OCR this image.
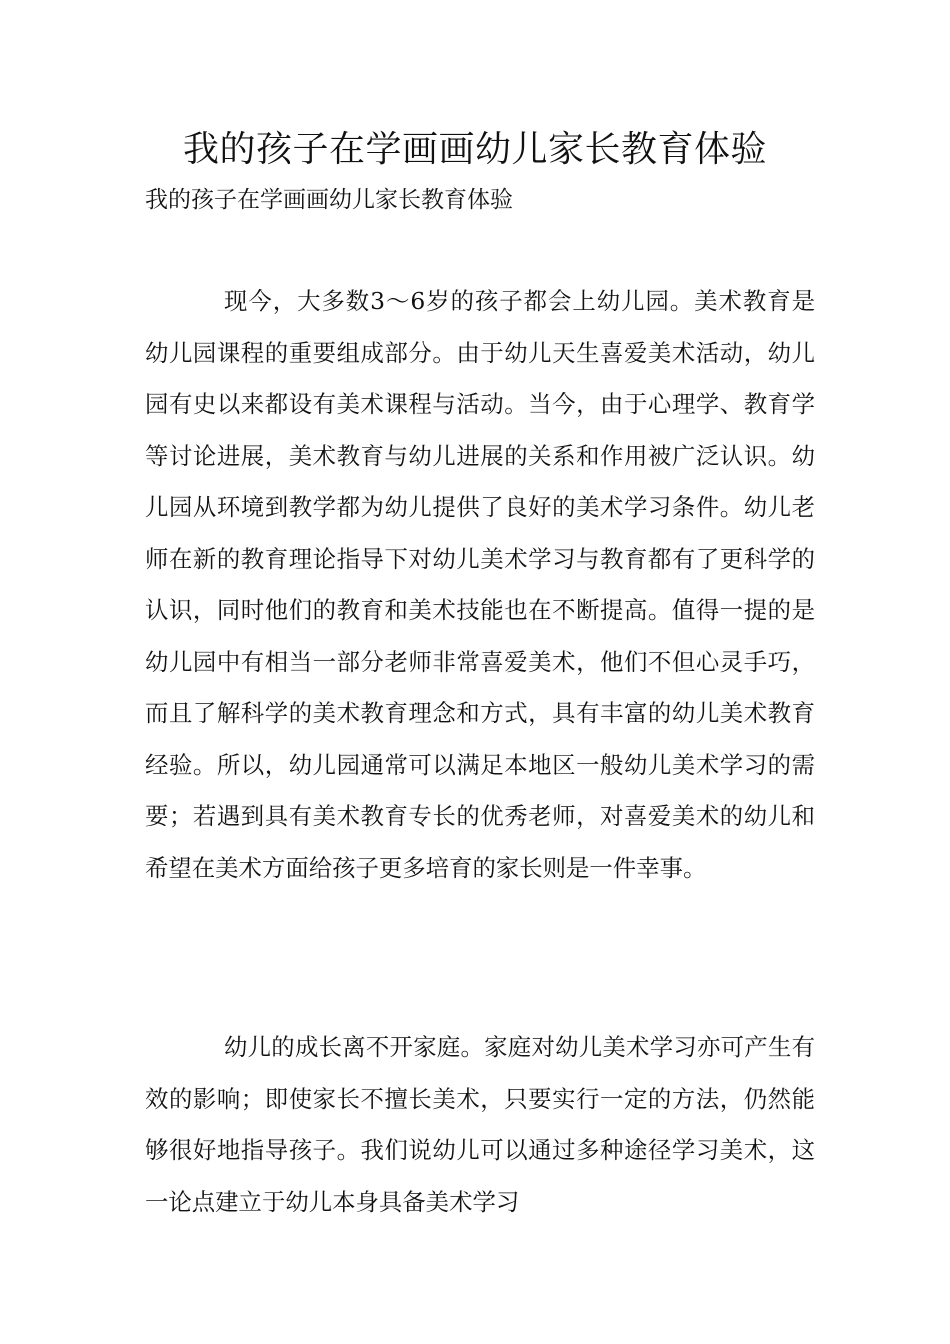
我的孩子在学画画幼儿家长教育体验

我的孩子在学画画幼儿家长教育体验

现今，大多数3～6岁的孩子都会上幼儿园。美术教育是幼儿园课程的重要组成部分。由于幼儿天生喜爱美术活动，幼儿园有史以来都设有美术课程与活动。当今，由于心理学、教育学等讨论进展，美术教育与幼儿进展的关系和作用被广泛认识。幼儿园从环境到教学都为幼儿提供了良好的美术学习条件。幼儿老师在新的教育理论指导下对幼儿美术学习与教育都有了更科学的认识，同时他们的教育和美术技能也在不断提高。值得一提的是幼儿园中有相当一部分老师非常喜爱美术，他们不但心灵手巧，而且了解科学的美术教育理念和方式，具有丰富的幼儿美术教育经验。所以，幼儿园通常可以满足本地区一般幼儿美术学习的需要；若遇到具有美术教育专长的优秀老师，对喜爱美术的幼儿和希望在美术方面给孩子更多培育的家长则是一件幸事。

幼儿的成长离不开家庭。家庭对幼儿美术学习亦可产生有效的影响；即使家长不擅长美术，只要实行一定的方法，仍然能够很好地指导孩子。我们说幼儿可以通过多种途径学习美术，这一论点建立于幼儿本身具备美术学习
